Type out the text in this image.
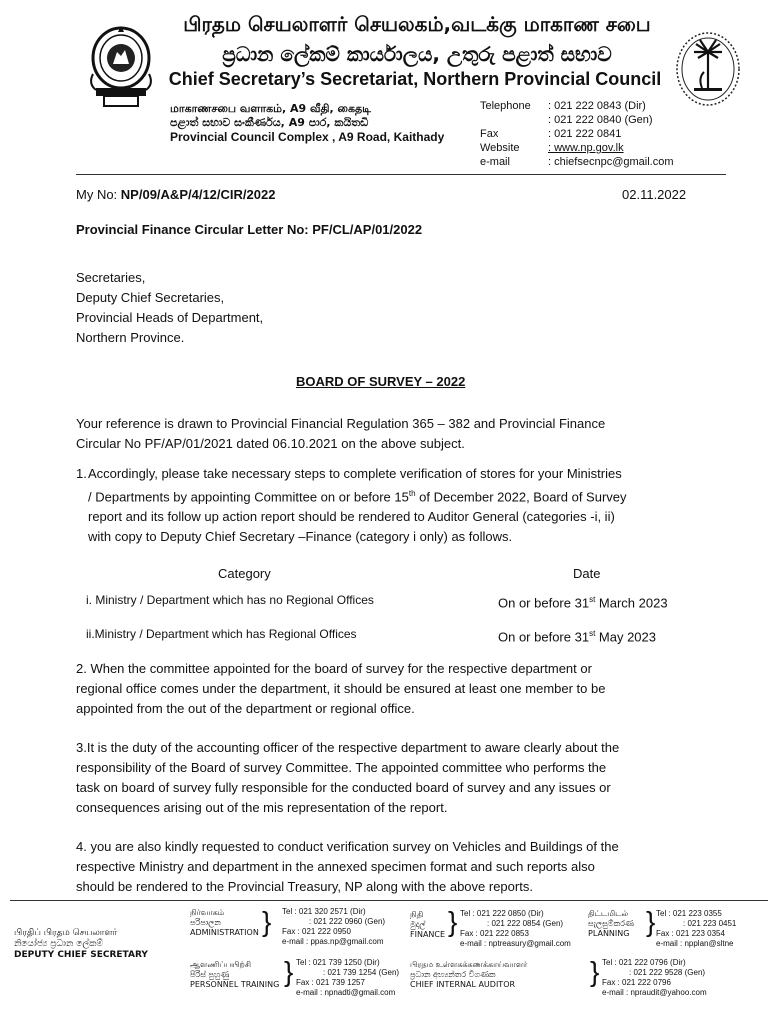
பிரதம செயலாளர் செயலகம்,வடக்கு மாகாண சபை
ප්‍රධාන ලේකම් කාර්යාලය, උතුරු පළාත් සභාව
Chief Secretary’s Secretariat, Northern Provincial Council
மாகாணசபை வளாகம், A9 வீதி, கைதடி
පළාත් සභාව සංකීර්ණය, A9 පාර, කයිතඩි
Provincial Council Complex , A9 Road, Kaithady
Telephone : 021 222 0843 (Dir)
: 021 222 0840 (Gen)
Fax	: 021 222 0841
Website	: www.np.gov.lk
e-mail	: chiefsecnpc@gmail.com
My No: NP/09/A&P/4/12/CIR/2022	02.11.2022
Provincial Finance Circular Letter No: PF/CL/AP/01/2022
Secretaries,
Deputy Chief Secretaries,
Provincial Heads of Department,
Northern Province.
BOARD OF SURVEY – 2022
Your reference is drawn to Provincial Financial Regulation 365 – 382 and Provincial Finance
Circular No PF/AP/01/2021 dated 06.10.2021 on the above subject.
1. Accordingly, please take necessary steps to complete verification of stores for your Ministries
/ Departments by appointing Committee on or before 15th of December 2022, Board of Survey
report and its follow up action report should be rendered to Auditor General (categories -i, ii)
with copy to Deputy Chief Secretary –Finance (category i only) as follows.
Category	Date
i. Ministry / Department which has no Regional Offices	On or before 31st March 2023
ii.Ministry / Department which has Regional Offices	On or before 31st May 2023
2. When the committee appointed for the board of survey for the respective department or
regional office comes under the department, it should be ensured at least one member to be
appointed from the out of the department or regional office.
3.It is the duty of the accounting officer of the respective department to aware clearly about the
responsibility of the Board of survey Committee. The appointed committee who performs the
task on board of survey fully responsible for the conducted board of survey and any issues or
consequences arising out of the mis representation of the report.
4. you are also kindly requested to conduct verification survey on Vehicles and Buildings of the
respective Ministry and department in the annexed specimen format and such reports also
should be rendered to the Provincial Treasury, NP along with the above reports.
பிரதிப் பிரதம செயலாளர்
නියෝජ්‍ය ප්‍රධාන ලේකම්
DEPUTY CHIEF SECRETARY
நிர்வாகம்
පරිපාලන
ADMINISTRATION } Tel : 021 320 2571 (Dir)
: 021 222 0960 (Gen)
Fax : 021 222 0950
e-mail : ppas.np@gmail.com
நிதி
මුදල්
FINANCE } Tel : 021 222 0850 (Dir)
: 021 222 0854 (Gen)
Fax : 021 222 0853
e-mail : nptreasury@gmail.com
திட்டமிடல்
සැලසුම්කරණ
PLANNING } Tel : 021 223 0355
: 021 223 0451
Fax : 021 223 0354
e-mail : npplan@sltne
ஆளணிப்பயிற்சி
පිරිස් පුහුණු
PERSONNEL TRAINING } Tel : 021 739 1250 (Dir)
: 021 739 1254 (Gen)
Fax : 021 739 1257
e-mail : npnadti@gmail.com
பிரதம உள்ளகக்கணக்காய்வாளர்
ප්‍රධාන අභ්‍යන්තර විගණක
CHIEF INTERNAL AUDITOR	} Tel : 021 222 0796 (Dir)
: 021 222 9528 (Gen)
Fax : 021 222 0796
e-mail : npraudit@yahoo.com
